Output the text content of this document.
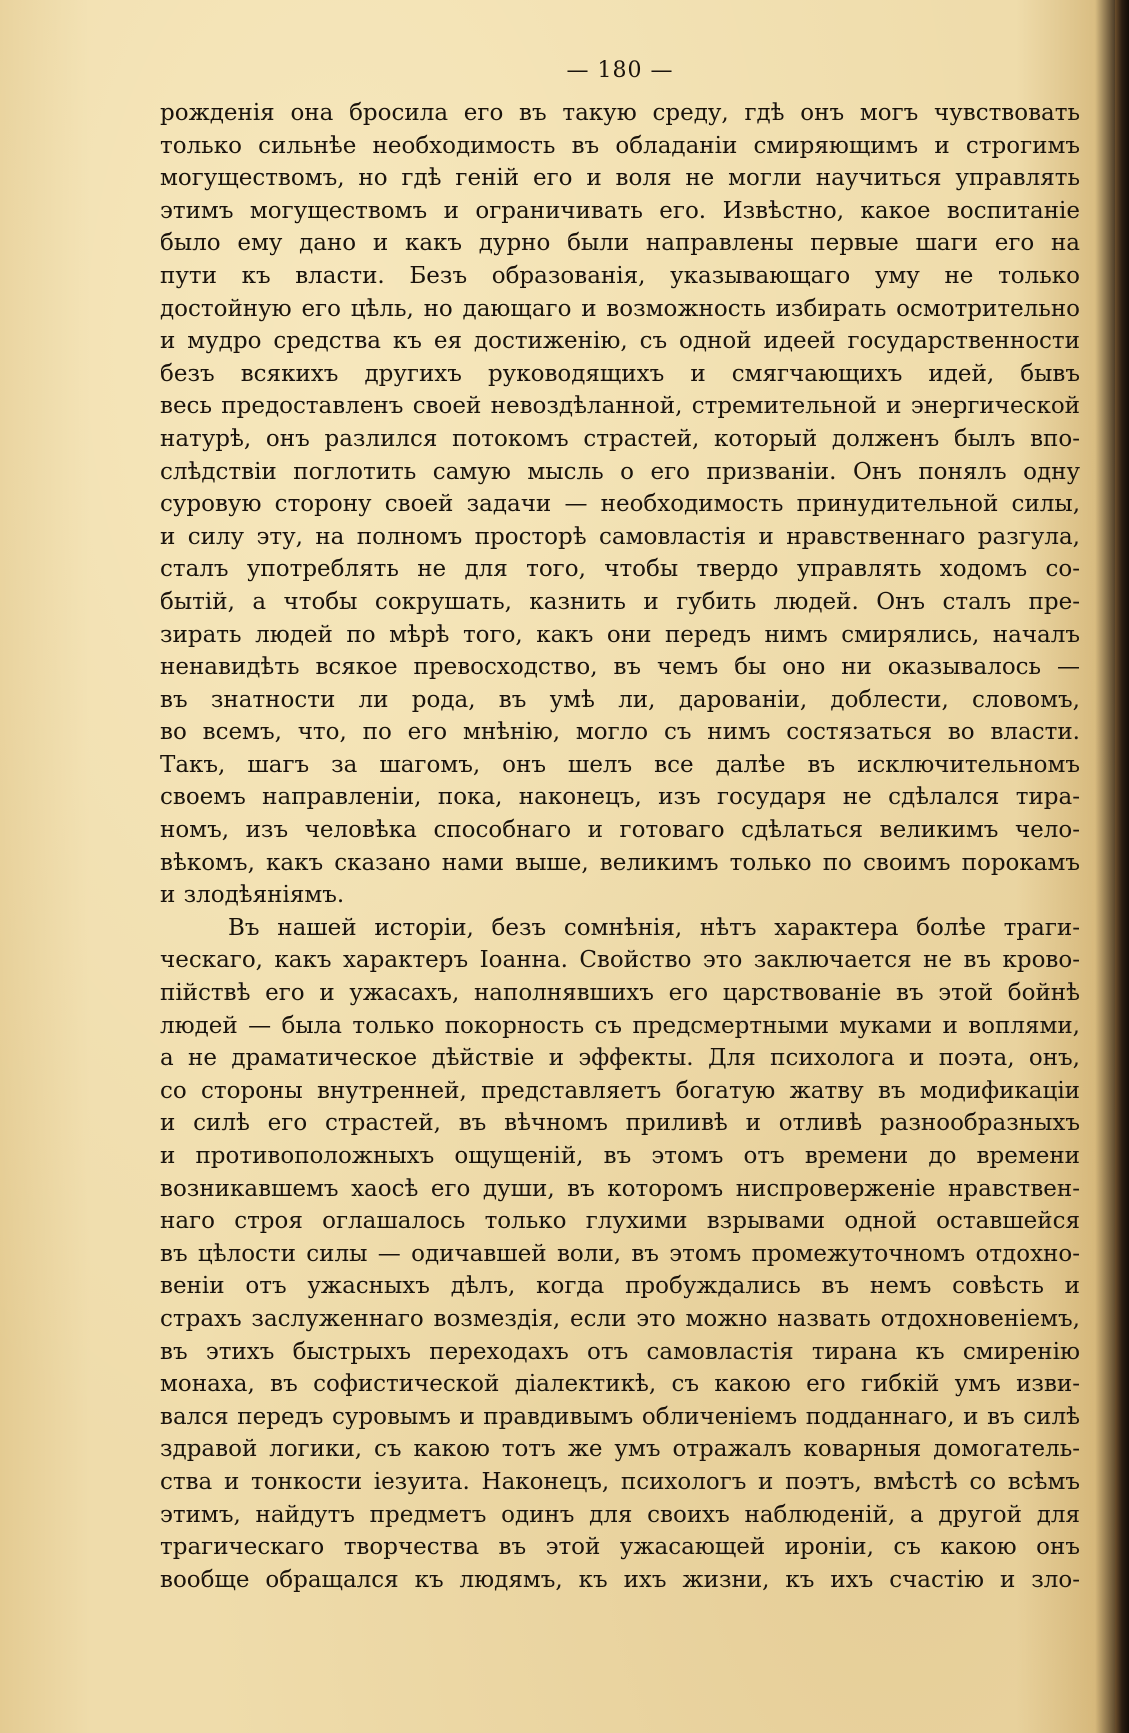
— 180 —
рожденія она бросила его въ такую среду, гдѣ онъ могъ чувствовать
только сильнѣе необходимость въ обладаніи смиряющимъ и строгимъ
могуществомъ, но гдѣ геній его и воля не могли научиться управлять
этимъ могуществомъ и ограничивать его. Извѣстно, какое воспитаніе
было ему дано и какъ дурно были направлены первые шаги его на
пути къ власти. Безъ образованія, указывающаго уму не только
достойную его цѣль, но дающаго и возможность избирать осмотрительно
и мудро средства къ ея достиженію, съ одной идеей государственности
безъ всякихъ другихъ руководящихъ и смягчающихъ идей, бывъ
весь предоставленъ своей невоздѣланной, стремительной и энергической
натурѣ, онъ разлился потокомъ страстей, который долженъ былъ впо-
слѣдствіи поглотить самую мысль о его призваніи. Онъ понялъ одну
суровую сторону своей задачи — необходимость принудительной силы,
и силу эту, на полномъ просторѣ самовластія и нравственнаго разгула,
сталъ употреблять не для того, чтобы твердо управлять ходомъ со-
бытій, а чтобы сокрушать, казнить и губить людей. Онъ сталъ пре-
зирать людей по мѣрѣ того, какъ они передъ нимъ смирялись, началъ
ненавидѣть всякое превосходство, въ чемъ бы оно ни оказывалось —
въ знатности ли рода, въ умѣ ли, дарованіи, доблести, словомъ,
во всемъ, что, по его мнѣнію, могло съ нимъ состязаться во власти.
Такъ, шагъ за шагомъ, онъ шелъ все далѣе въ исключительномъ
своемъ направленіи, пока, наконецъ, изъ государя не сдѣлался тира-
номъ, изъ человѣка способнаго и готоваго сдѣлаться великимъ чело-
вѣкомъ, какъ сказано нами выше, великимъ только по своимъ порокамъ
и злодѣяніямъ.
Въ нашей исторіи, безъ сомнѣнія, нѣтъ характера болѣе траги-
ческаго, какъ характеръ Іоанна. Свойство это заключается не въ крово-
пійствѣ его и ужасахъ, наполнявшихъ его царствованіе въ этой бойнѣ
людей — была только покорность съ предсмертными муками и воплями,
а не драматическое дѣйствіе и эффекты. Для психолога и поэта, онъ,
со стороны внутренней, представляетъ богатую жатву въ модификаціи
и силѣ его страстей, въ вѣчномъ приливѣ и отливѣ разнообразныхъ
и противоположныхъ ощущеній, въ этомъ отъ времени до времени
возникавшемъ хаосѣ его души, въ которомъ ниспроверженіе нравствен-
наго строя оглашалось только глухими взрывами одной оставшейся
въ цѣлости силы — одичавшей воли, въ этомъ промежуточномъ отдохно-
веніи отъ ужасныхъ дѣлъ, когда пробуждались въ немъ совѣсть и
страхъ заслуженнаго возмездія, если это можно назвать отдохновеніемъ,
въ этихъ быстрыхъ переходахъ отъ самовластія тирана къ смиренію
монаха, въ софистической діалектикѣ, съ какою его гибкій умъ изви-
вался передъ суровымъ и правдивымъ обличеніемъ подданнаго, и въ силѣ
здравой логики, съ какою тотъ же умъ отражалъ коварныя домогатель-
ства и тонкости іезуита. Наконецъ, психологъ и поэтъ, вмѣстѣ со всѣмъ
этимъ, найдутъ предметъ одинъ для своихъ наблюденій, а другой для
трагическаго творчества въ этой ужасающей ироніи, съ какою онъ
вообще обращался къ людямъ, къ ихъ жизни, къ ихъ счастію и зло-
